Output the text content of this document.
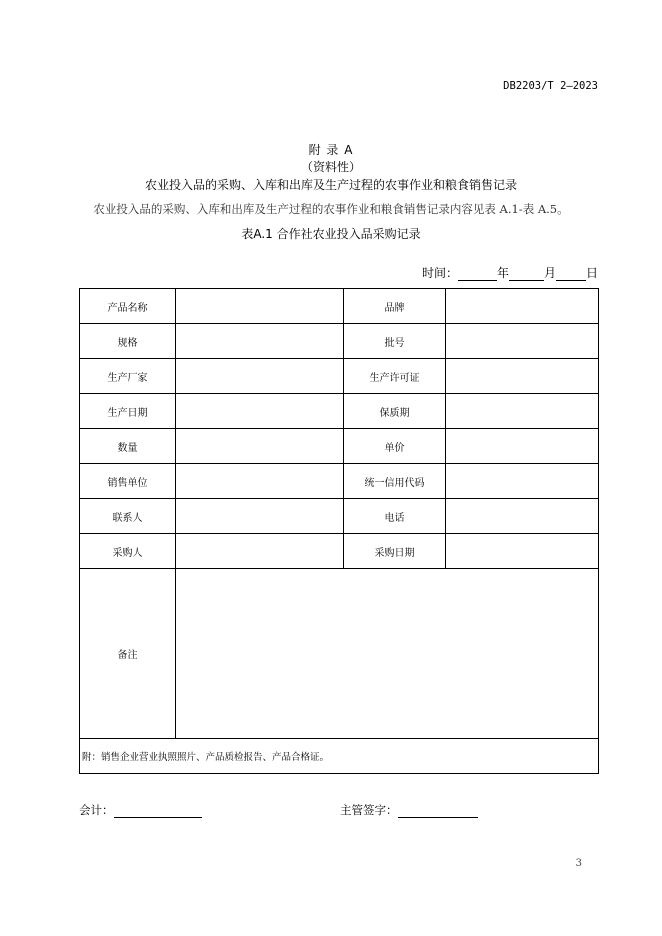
DB2203/T 2—2023
附 录 A
（资料性）
农业投入品的采购、入库和出库及生产过程的农事作业和粮食销售记录
农业投入品的采购、入库和出库及生产过程的农事作业和粮食销售记录内容见表 A.1-表 A.5。
表A.1 合作社农业投入品采购记录
时间：	年	月	日
产品名称		品牌	
规格		批号	
生产厂家		生产许可证	
生产日期		保质期	
数量		单价	
销售单位		统一信用代码	
联系人		电话	
采购人		采购日期	
备注			
附：销售企业营业执照照片、产品质检报告、产品合格证。			
会计：	主管签字：
3
